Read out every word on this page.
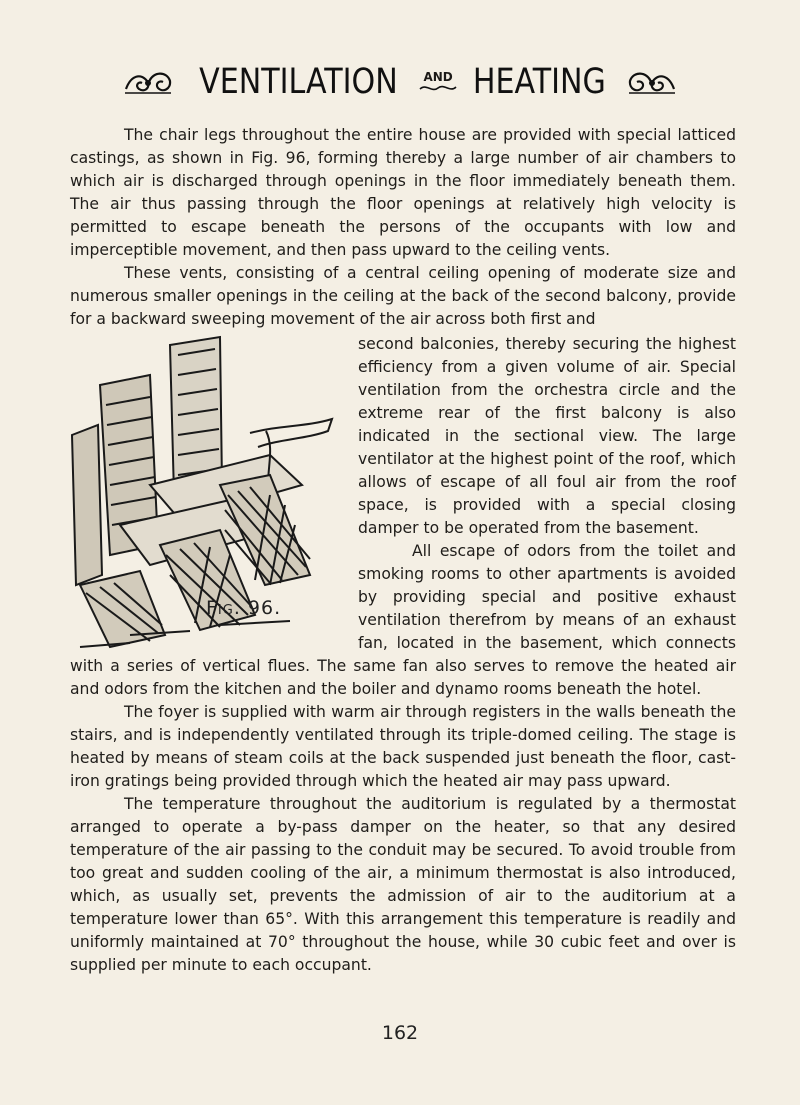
VENTILATION AND HEATING

The chair legs throughout the entire house are provided with special latticed castings, as shown in Fig. 96, forming thereby a large number of air chambers to which air is discharged through openings in the floor immediately beneath them. The air thus passing through the floor openings at relatively high velocity is permitted to escape beneath the persons of the occupants with low and imperceptible movement, and then pass upward to the ceiling vents.

These vents, consisting of a central ceiling opening of moderate size and numerous smaller openings in the ceiling at the back of the second balcony, provide for a backward sweeping movement of the air across both first and

Fig. 96.

second balconies, thereby securing the highest efficiency from a given volume of air. Special ventilation from the orchestra circle and the extreme rear of the first balcony is also indicated in the sectional view. The large ventilator at the highest point of the roof, which allows of escape of all foul air from the roof space, is provided with a special closing damper to be operated from the basement.

All escape of odors from the toilet and smoking rooms to other apartments is avoided by providing special and positive exhaust ventilation therefrom by means of an exhaust fan, located in the basement, which connects with a series of vertical flues. The same fan also serves to remove the heated air and odors from the kitchen and the boiler and dynamo rooms beneath the hotel.

The foyer is supplied with warm air through registers in the walls beneath the stairs, and is independently ventilated through its triple-domed ceiling. The stage is heated by means of steam coils at the back suspended just beneath the floor, cast-iron gratings being provided through which the heated air may pass upward.

The temperature throughout the auditorium is regulated by a thermostat arranged to operate a by-pass damper on the heater, so that any desired temperature of the air passing to the conduit may be secured. To avoid trouble from too great and sudden cooling of the air, a minimum thermostat is also introduced, which, as usually set, prevents the admission of air to the auditorium at a temperature lower than 65°. With this arrangement this temperature is readily and uniformly maintained at 70° throughout the house, while 30 cubic feet and over is supplied per minute to each occupant.

162
